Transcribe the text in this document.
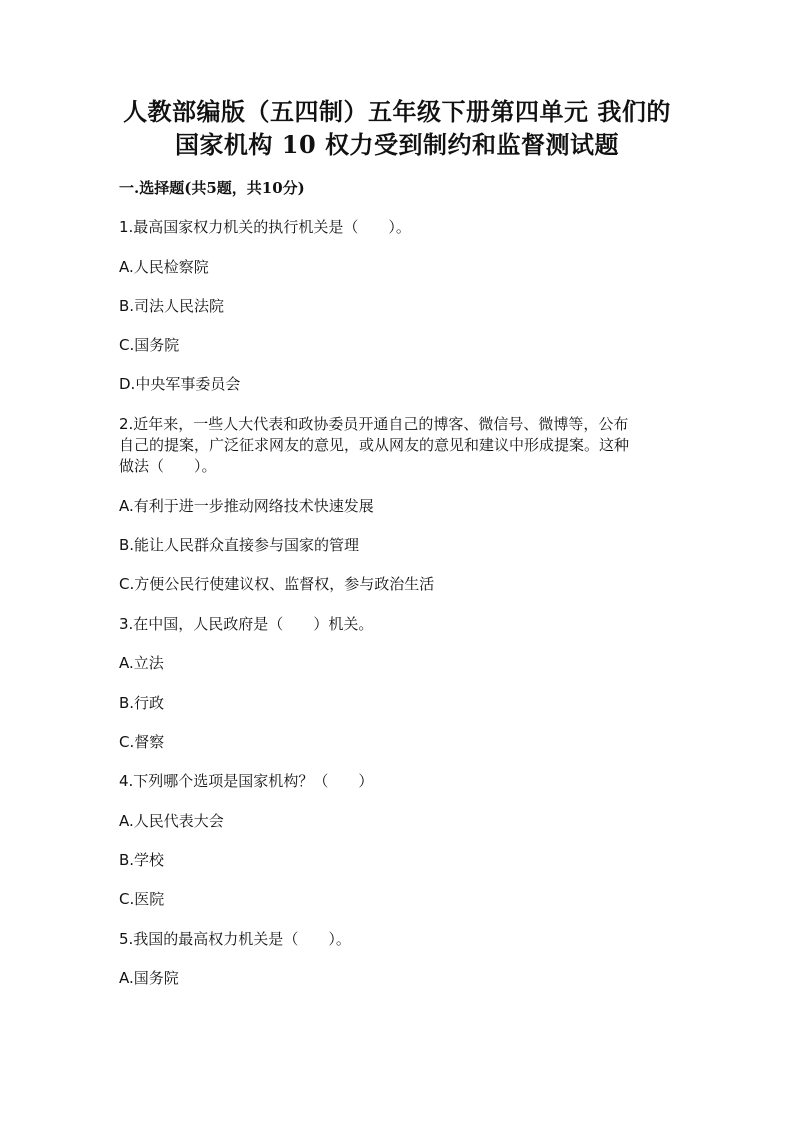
人教部编版（五四制）五年级下册第四单元 我们的
国家机构 10 权力受到制约和监督测试题
一.选择题(共5题，共10分)
1.最高国家权力机关的执行机关是（　　）。
A.人民检察院
B.司法人民法院
C.国务院
D.中央军事委员会
2.近年来，一些人大代表和政协委员开通自己的博客、微信号、微博等，公布
自己的提案，广泛征求网友的意见，或从网友的意见和建议中形成提案。这种
做法（　　）。
A.有利于进一步推动网络技术快速发展
B.能让人民群众直接参与国家的管理
C.方便公民行使建议权、监督权，参与政治生活
3.在中国，人民政府是（　　）机关。
A.立法
B.行政
C.督察
4.下列哪个选项是国家机构？（　　）
A.人民代表大会
B.学校
C.医院
5.我国的最高权力机关是（　　）。
A.国务院
